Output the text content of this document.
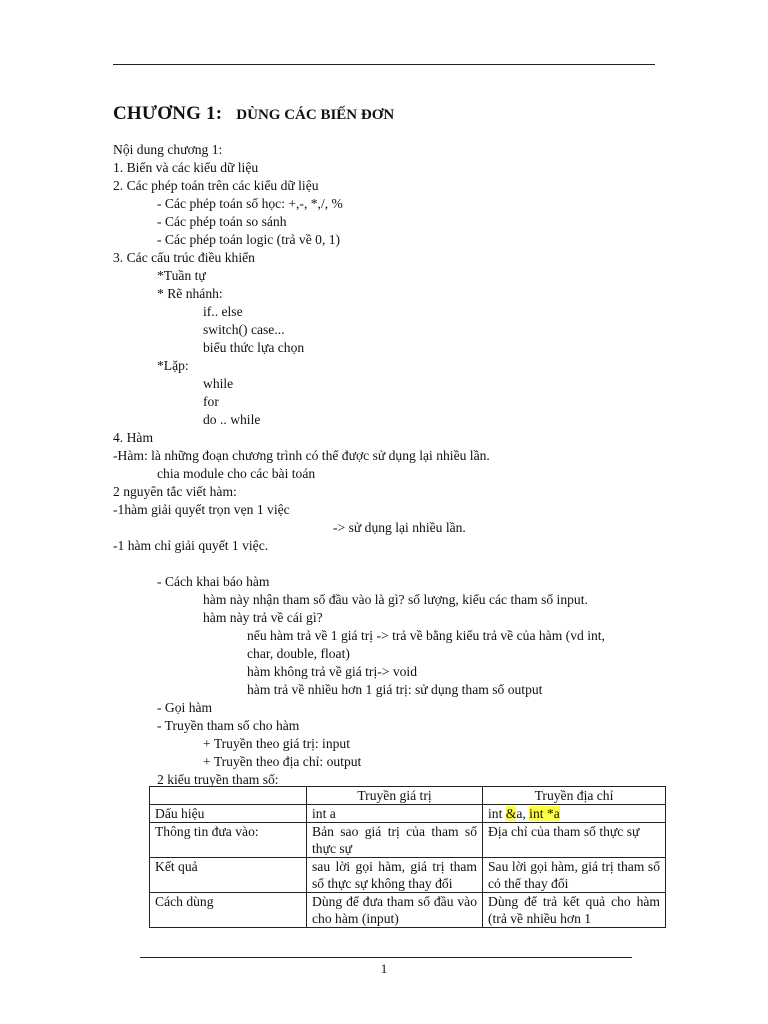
CHƯƠNG 1: DÙNG CÁC BIẾN ĐƠN
Nội dung chương 1:
1. Biến và các kiểu dữ liệu
2. Các phép toán trên các kiểu dữ liệu
- Các phép toán số học: +,-, *,/, %
- Các phép toán so sánh
- Các phép toán logic (trả về 0, 1)
3. Các cấu trúc điều khiển
*Tuần tự
* Rẽ nhánh:
if.. else
switch() case...
biểu thức lựa chọn
*Lặp:
while
for
do .. while
4. Hàm
-Hàm: là những đoạn chương trình có thể được sử dụng lại nhiều lần.
chia module cho các bài toán
2 nguyên tắc viết hàm:
-1hàm giải quyết trọn vẹn 1 việc
-> sử dụng lại nhiều lần.
-1 hàm chỉ giải quyết 1 việc.
- Cách khai báo hàm
hàm này nhận tham số đầu vào là gì? số lượng, kiểu các tham số input.
hàm này trả về cái gì?
nếu hàm trả về 1 giá trị -> trả về bằng kiểu trả về của hàm (vd int,
char, double, float)
hàm không trả về giá trị-> void
hàm trả về nhiều hơn 1 giá trị: sử dụng tham số output
- Gọi hàm
- Truyền tham số cho hàm
+ Truyền theo giá trị: input
+ Truyền theo địa chỉ: output
2 kiểu truyền tham số:
	Truyền giá trị	Truyền địa chỉ
Dấu hiệu	int a	int &a, int *a
Thông tin đưa vào:	Bản sao giá trị của tham số thực sự	Địa chỉ của tham số thực sự
Kết quả	sau lời gọi hàm, giá trị tham số thực sự không thay đổi	Sau lời gọi hàm, giá trị tham số có thể thay đổi
Cách dùng	Dùng để đưa tham số đầu vào cho hàm (input)	Dùng để trả kết quả cho hàm (trả về nhiều hơn 1
1
